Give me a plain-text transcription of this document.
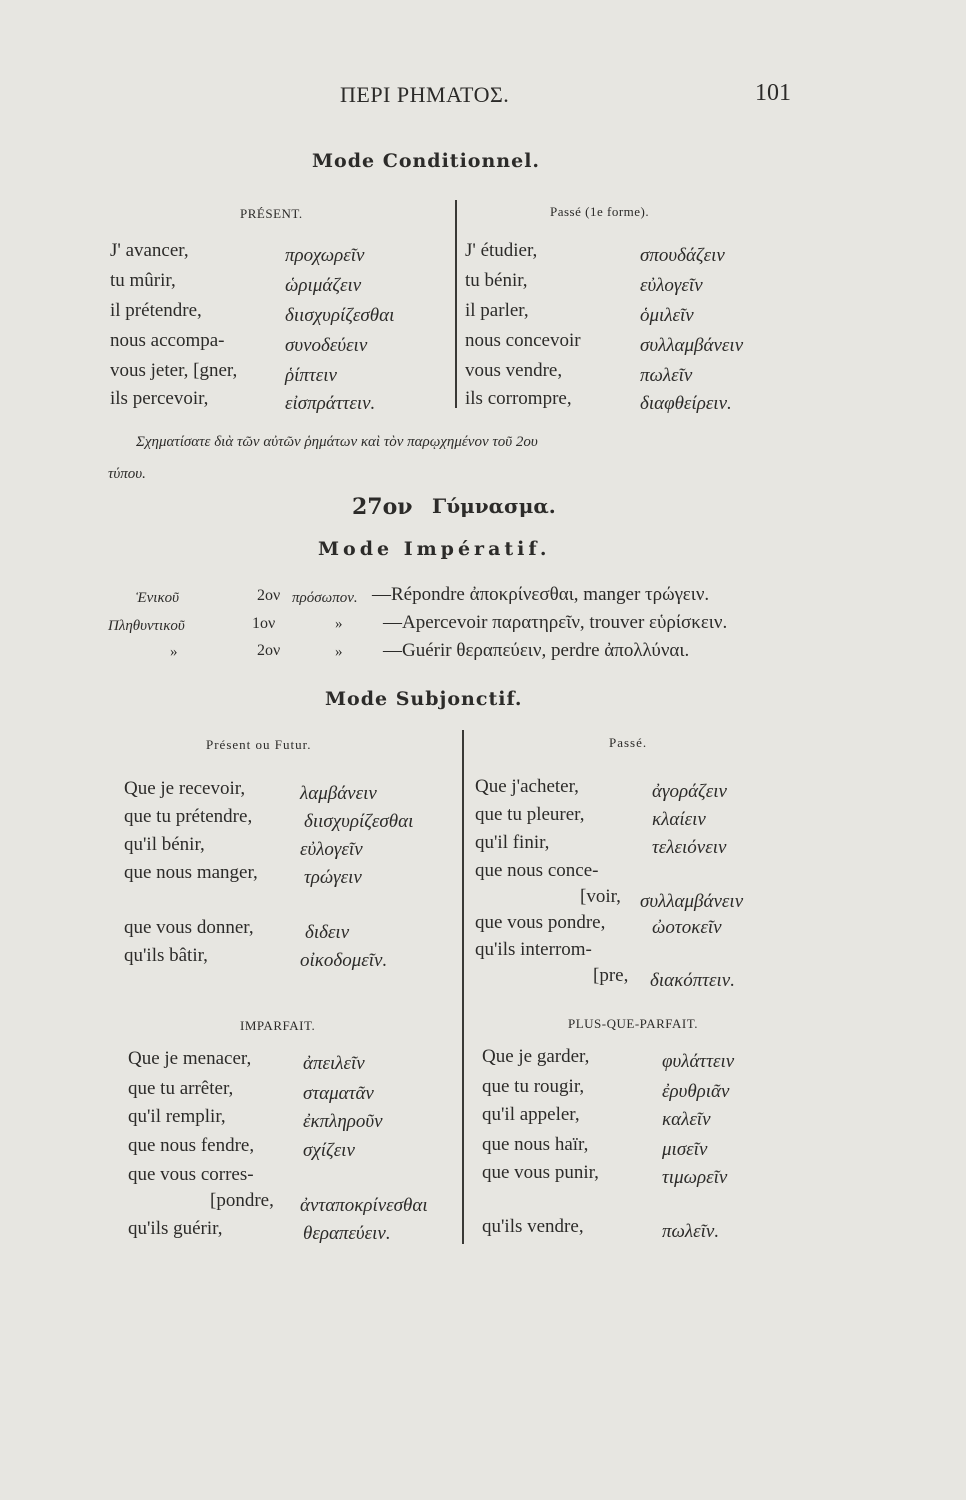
ΠΕΡΙ ΡΗΜΑΤΟΣ.	101
Mode Conditionnel.
PRÉSENT.	Passé (1e forme).
J' avancer,	προχωρεῖν
tu mûrir,	ὡριμάζειν
il prétendre,	διισχυρίζεσθαι
nous accompa-	συνοδεύειν
vous jeter, [gner,	ῥίπτειν
ils percevoir,	εἰσπράττειν.
J' étudier,	σπουδάζειν
tu bénir,	εὐλογεῖν
il parler,	ὁμιλεῖν
nous concevoir	συλλαμβάνειν
vous vendre,	πωλεῖν
ils corrompre,	διαφθείρειν.
Σχηματίσατε διὰ τῶν αὐτῶν ῥημάτων καὶ τὸν παρῳχημένον τοῦ 2ου
τύπου.
27ον Γύμνασμα.
Mode Impératif.
Ἑνικοῦ	2ον πρόσωπον. —Répondre ἀποκρίνεσθαι, manger τρώγειν.
Πληθυντικοῦ	1ον	» —Apercevoir παρατηρεῖν, trouver εὑρίσκειν.
»	2ον	» —Guérir θεραπεύειν, perdre ἀπολλύναι.
Mode Subjonctif.
Présent ou Futur.	Passé.
Que je recevoir,	λαμβάνειν
que tu prétendre,	διισχυρίζεσθαι
qu'il bénir,	εὐλογεῖν
que nous manger, τρώγειν
que vous donner,	διδειν
qu'ils bâtir,	οἰκοδομεῖν.
Que j'acheter,	ἀγοράζειν
que tu pleurer,	κλαίειν
qu'il finir,	τελειόνειν
que nous conce-
[voir, συλλαμβάνειν
que vous pondre, ὠοτοκεῖν
qu'ils interrom-
[pre, διακόπτειν.
IMPARFAIT.	PLUS-QUE-PARFAIT.
Que je menacer,	ἀπειλεῖν
que tu arrêter,	σταματᾶν
qu'il remplir,	ἐκπληροῦν
que nous fendre,	σχίζειν
que vous corres-
[pondre, ἀνταποκρίνεσθαι
qu'ils guérir,	θεραπεύειν.
Que je garder,	φυλάττειν
que tu rougir,	ἐρυθριᾶν
qu'il appeler,	καλεῖν
que nous haïr,	μισεῖν
que vous punir,	τιμωρεῖν
qu'ils vendre,	πωλεῖν.
